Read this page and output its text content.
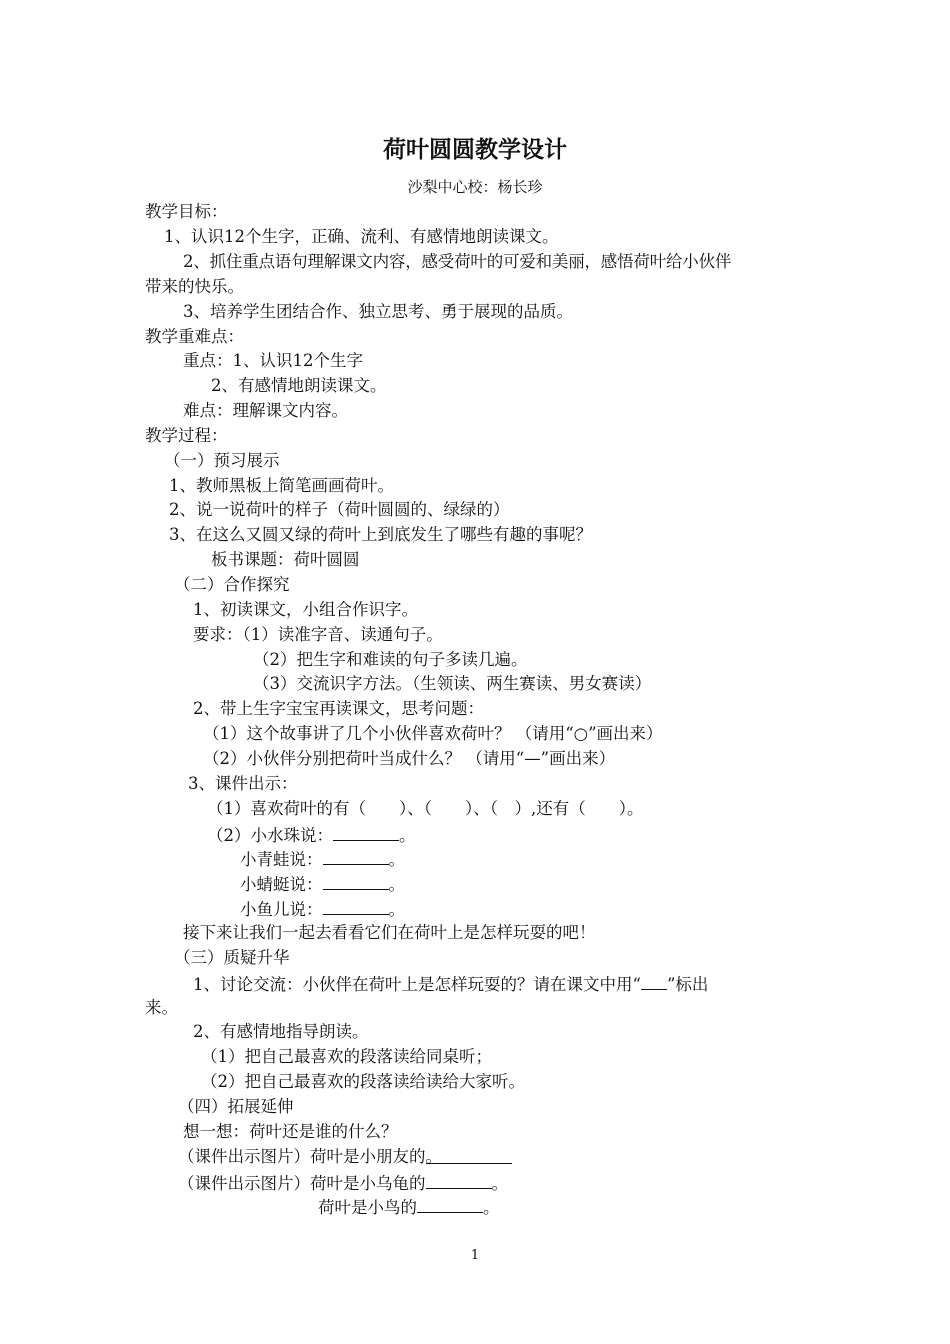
荷叶圆圆教学设计
沙梨中心校：杨长珍
教学目标：
1、认识12个生字，正确、流利、有感情地朗读课文。
2、抓住重点语句理解课文内容，感受荷叶的可爱和美丽，感悟荷叶给小伙伴
带来的快乐。
3、培养学生团结合作、独立思考、勇于展现的品质。
教学重难点：
重点：1、认识12个生字
2、有感情地朗读课文。
难点：理解课文内容。
教学过程：
（一）预习展示
1、教师黑板上简笔画画荷叶。
2、说一说荷叶的样子（荷叶圆圆的、绿绿的）
3、在这么又圆又绿的荷叶上到底发生了哪些有趣的事呢？
板书课题：荷叶圆圆
（二）合作探究
1、初读课文，小组合作识字。
要求：（1）读准字音、读通句子。
（2）把生字和难读的句子多读几遍。
（3）交流识字方法。（生领读、两生赛读、男女赛读）
2、带上生字宝宝再读课文，思考问题：
（1）这个故事讲了几个小伙伴喜欢荷叶？ （请用“○”画出来）
（2）小伙伴分别把荷叶当成什么？ （请用“—”画出来）
3、课件出示：
（1）喜欢荷叶的有（　　）、（　　）、（　）,还有（　　）。
（2）小水珠说：	。
小青蛙说：	。
小蜻蜓说：	。
小鱼儿说：	。
接下来让我们一起去看看它们在荷叶上是怎样玩耍的吧！
（三）质疑升华
1、讨论交流：小伙伴在荷叶上是怎样玩耍的？请在课文中用“ ”标出
来。
2、有感情地指导朗读。
（1）把自己最喜欢的段落读给同桌听；
（2）把自己最喜欢的段落读给读给大家听。
（四）拓展延伸
想一想：荷叶还是谁的什么？
（课件出示图片）荷叶是小朋友的。
（课件出示图片）荷叶是小乌龟的	。
荷叶是小鸟的	。
1
